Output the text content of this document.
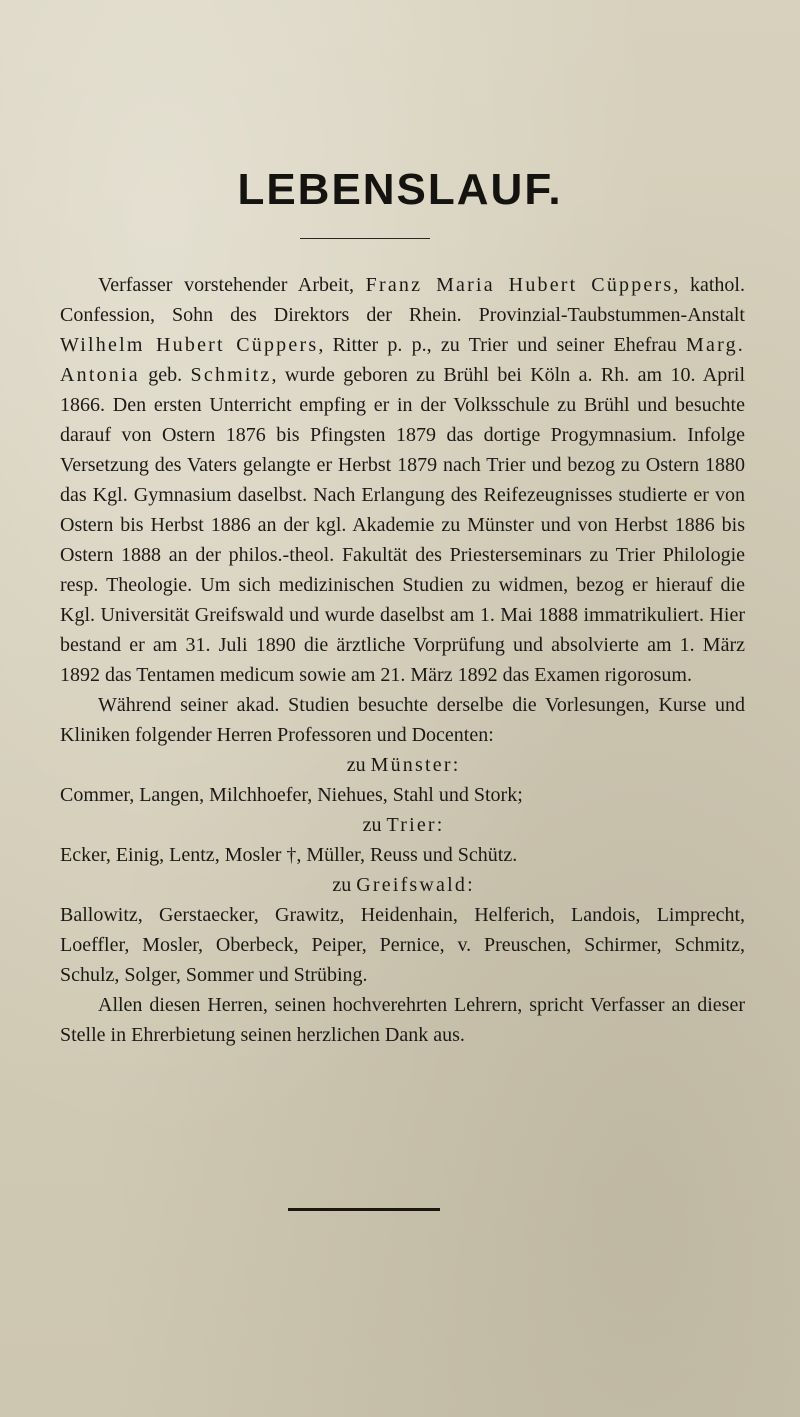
LEBENSLAUF.

Verfasser vorstehender Arbeit, Franz Maria Hubert Cüppers, kathol. Confession, Sohn des Direktors der Rhein. Provinzial-Taubstummen-Anstalt Wilhelm Hubert Cüppers, Ritter p. p., zu Trier und seiner Ehefrau Marg. Antonia geb. Schmitz, wurde geboren zu Brühl bei Köln a. Rh. am 10. April 1866. Den ersten Unterricht empfing er in der Volksschule zu Brühl und besuchte darauf von Ostern 1876 bis Pfingsten 1879 das dortige Progymnasium. Infolge Versetzung des Vaters gelangte er Herbst 1879 nach Trier und bezog zu Ostern 1880 das Kgl. Gymnasium daselbst. Nach Erlangung des Reifezeugnisses studierte er von Ostern bis Herbst 1886 an der kgl. Akademie zu Münster und von Herbst 1886 bis Ostern 1888 an der philos.-theol. Fakultät des Priesterseminars zu Trier Philologie resp. Theologie. Um sich medizinischen Studien zu widmen, bezog er hierauf die Kgl. Universität Greifswald und wurde daselbst am 1. Mai 1888 immatrikuliert. Hier bestand er am 31. Juli 1890 die ärztliche Vorprüfung und absolvierte am 1. März 1892 das Tentamen medicum sowie am 21. März 1892 das Examen rigorosum.

Während seiner akad. Studien besuchte derselbe die Vorlesungen, Kurse und Kliniken folgender Herren Professoren und Docenten:

zu Münster:

Commer, Langen, Milchhoefer, Niehues, Stahl und Stork;

zu Trier:

Ecker, Einig, Lentz, Mosler †, Müller, Reuss und Schütz.

zu Greifswald:

Ballowitz, Gerstaecker, Grawitz, Heidenhain, Helferich, Landois, Limprecht, Loeffler, Mosler, Oberbeck, Peiper, Pernice, v. Preuschen, Schirmer, Schmitz, Schulz, Solger, Sommer und Strübing.

Allen diesen Herren, seinen hochverehrten Lehrern, spricht Verfasser an dieser Stelle in Ehrerbietung seinen herzlichen Dank aus.
